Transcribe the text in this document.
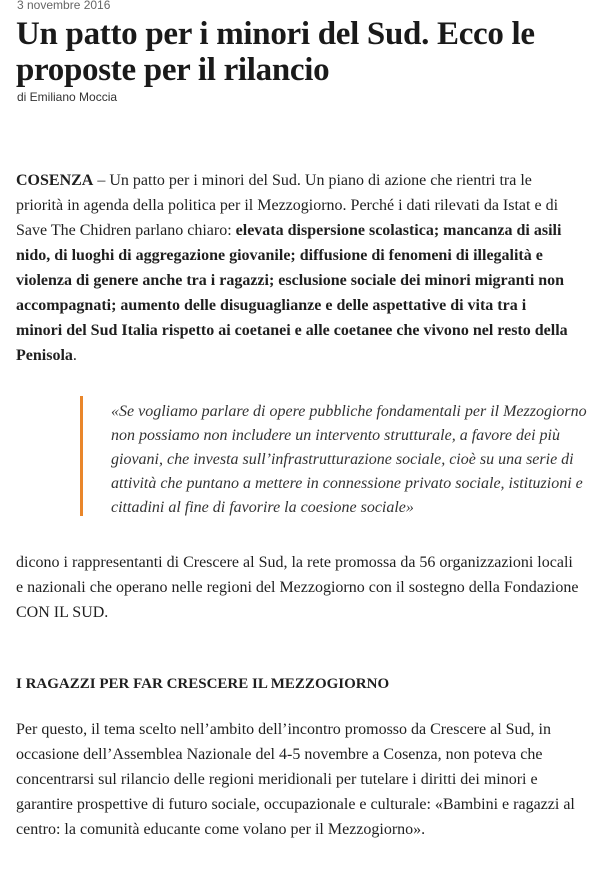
3 novembre 2016
Un patto per i minori del Sud. Ecco le proposte per il rilancio
di Emiliano Moccia

COSENZA – Un patto per i minori del Sud. Un piano di azione che rientri tra le priorità in agenda della politica per il Mezzogiorno. Perché i dati rilevati da Istat e di Save The Chidren parlano chiaro: elevata dispersione scolastica; mancanza di asili nido, di luoghi di aggregazione giovanile; diffusione di fenomeni di illegalità e violenza di genere anche tra i ragazzi; esclusione sociale dei minori migranti non accompagnati; aumento delle disuguaglianze e delle aspettative di vita tra i minori del Sud Italia rispetto ai coetanei e alle coetanee che vivono nel resto della Penisola.

«Se vogliamo parlare di opere pubbliche fondamentali per il Mezzogiorno non possiamo non includere un intervento strutturale, a favore dei più giovani, che investa sull’infrastrutturazione sociale, cioè su una serie di attività che puntano a mettere in connessione privato sociale, istituzioni e cittadini al fine di favorire la coesione sociale»

dicono i rappresentanti di Crescere al Sud, la rete promossa da 56 organizzazioni locali e nazionali che operano nelle regioni del Mezzogiorno con il sostegno della Fondazione CON IL SUD.

I RAGAZZI PER FAR CRESCERE IL MEZZOGIORNO

Per questo, il tema scelto nell’ambito dell’incontro promosso da Crescere al Sud, in occasione dell’Assemblea Nazionale del 4-5 novembre a Cosenza, non poteva che concentrarsi sul rilancio delle regioni meridionali per tutelare i diritti dei minori e garantire prospettive di futuro sociale, occupazionale e culturale: «Bambini e ragazzi al centro: la comunità educante come volano per il Mezzogiorno».
